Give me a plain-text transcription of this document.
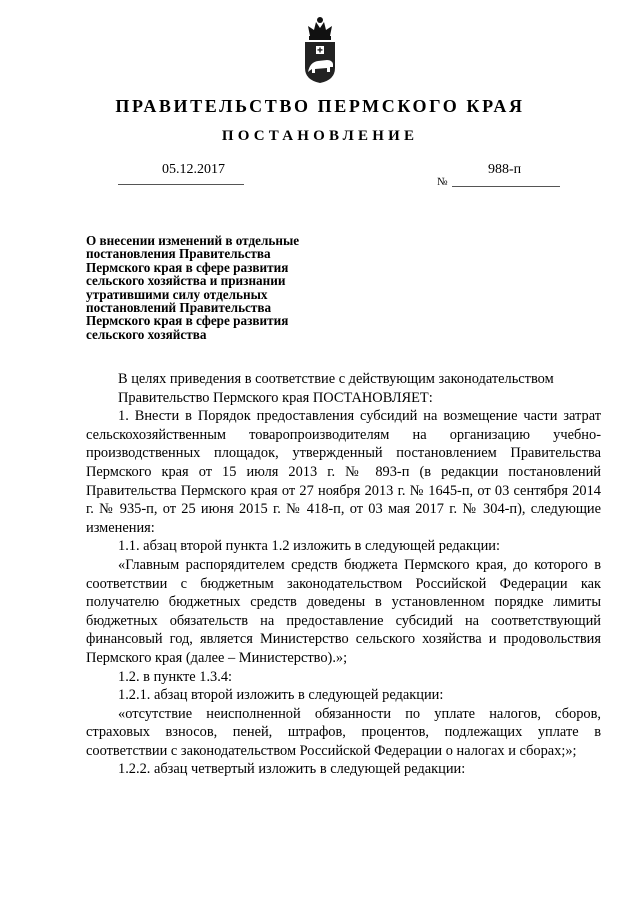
ПРАВИТЕЛЬСТВО ПЕРМСКОГО КРАЯ
ПОСТАНОВЛЕНИЕ
05.12.2017
№
988-п

О внесении изменений в отдельные постановления Правительства Пермского края в сфере развития сельского хозяйства и признании утратившими силу отдельных постановлений Правительства Пермского края в сфере развития сельского хозяйства

В целях приведения в соответствие с действующим законодательством

Правительство Пермского края ПОСТАНОВЛЯЕТ:

1. Внести в Порядок предоставления субсидий на возмещение части затрат сельскохозяйственным товаропроизводителям на организацию учебно-производственных площадок, утвержденный постановлением Правительства Пермского края от 15 июля 2013 г. № 893-п (в редакции постановлений Правительства Пермского края от 27 ноября 2013 г. № 1645-п, от 03 сентября 2014 г. № 935-п, от 25 июня 2015 г. № 418-п, от 03 мая 2017 г. № 304-п), следующие изменения:

1.1. абзац второй пункта 1.2 изложить в следующей редакции:

«Главным распорядителем средств бюджета Пермского края, до которого в соответствии с бюджетным законодательством Российской Федерации как получателю бюджетных средств доведены в установленном порядке лимиты бюджетных обязательств на предоставление субсидий на соответствующий финансовый год, является Министерство сельского хозяйства и продовольствия Пермского края (далее – Министерство).»;

1.2. в пункте 1.3.4:

1.2.1. абзац второй изложить в следующей редакции:

«отсутствие неисполненной обязанности по уплате налогов, сборов, страховых взносов, пеней, штрафов, процентов, подлежащих уплате в соответствии с законодательством Российской Федерации о налогах и сборах;»;

1.2.2. абзац четвертый изложить в следующей редакции:
